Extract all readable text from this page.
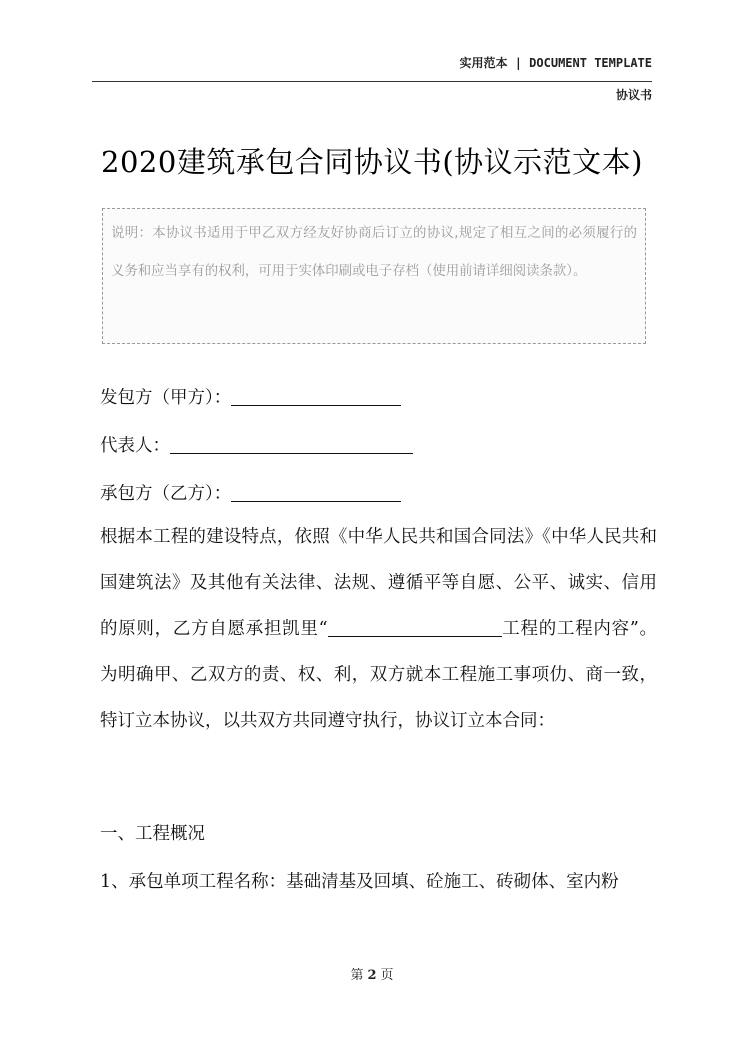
实用范本 | DOCUMENT TEMPLATE
协议书
2020建筑承包合同协议书(协议示范文本)
说明：本协议书适用于甲乙双方经友好协商后订立的协议,规定了相互之间的必须履行的义务和应当享有的权利，可用于实体印刷或电子存档（使用前请详细阅读条款）。
发包方（甲方）：
代表人：
承包方（乙方）：
根据本工程的建设特点，依照《中华人民共和国合同法》《中华人民共和国建筑法》及其他有关法律、法规、遵循平等自愿、公平、诚实、信用的原则，乙方自愿承担凯里“	工程的工程内容”。为明确甲、乙双方的责、权、利，双方就本工程施工事项仂、商一致，特订立本协议，以共双方共同遵守执行，协议订立本合同：
一、工程概况
1、承包单项工程名称：基础清基及回填、砼施工、砖砌体、室内粉
第 2 页
